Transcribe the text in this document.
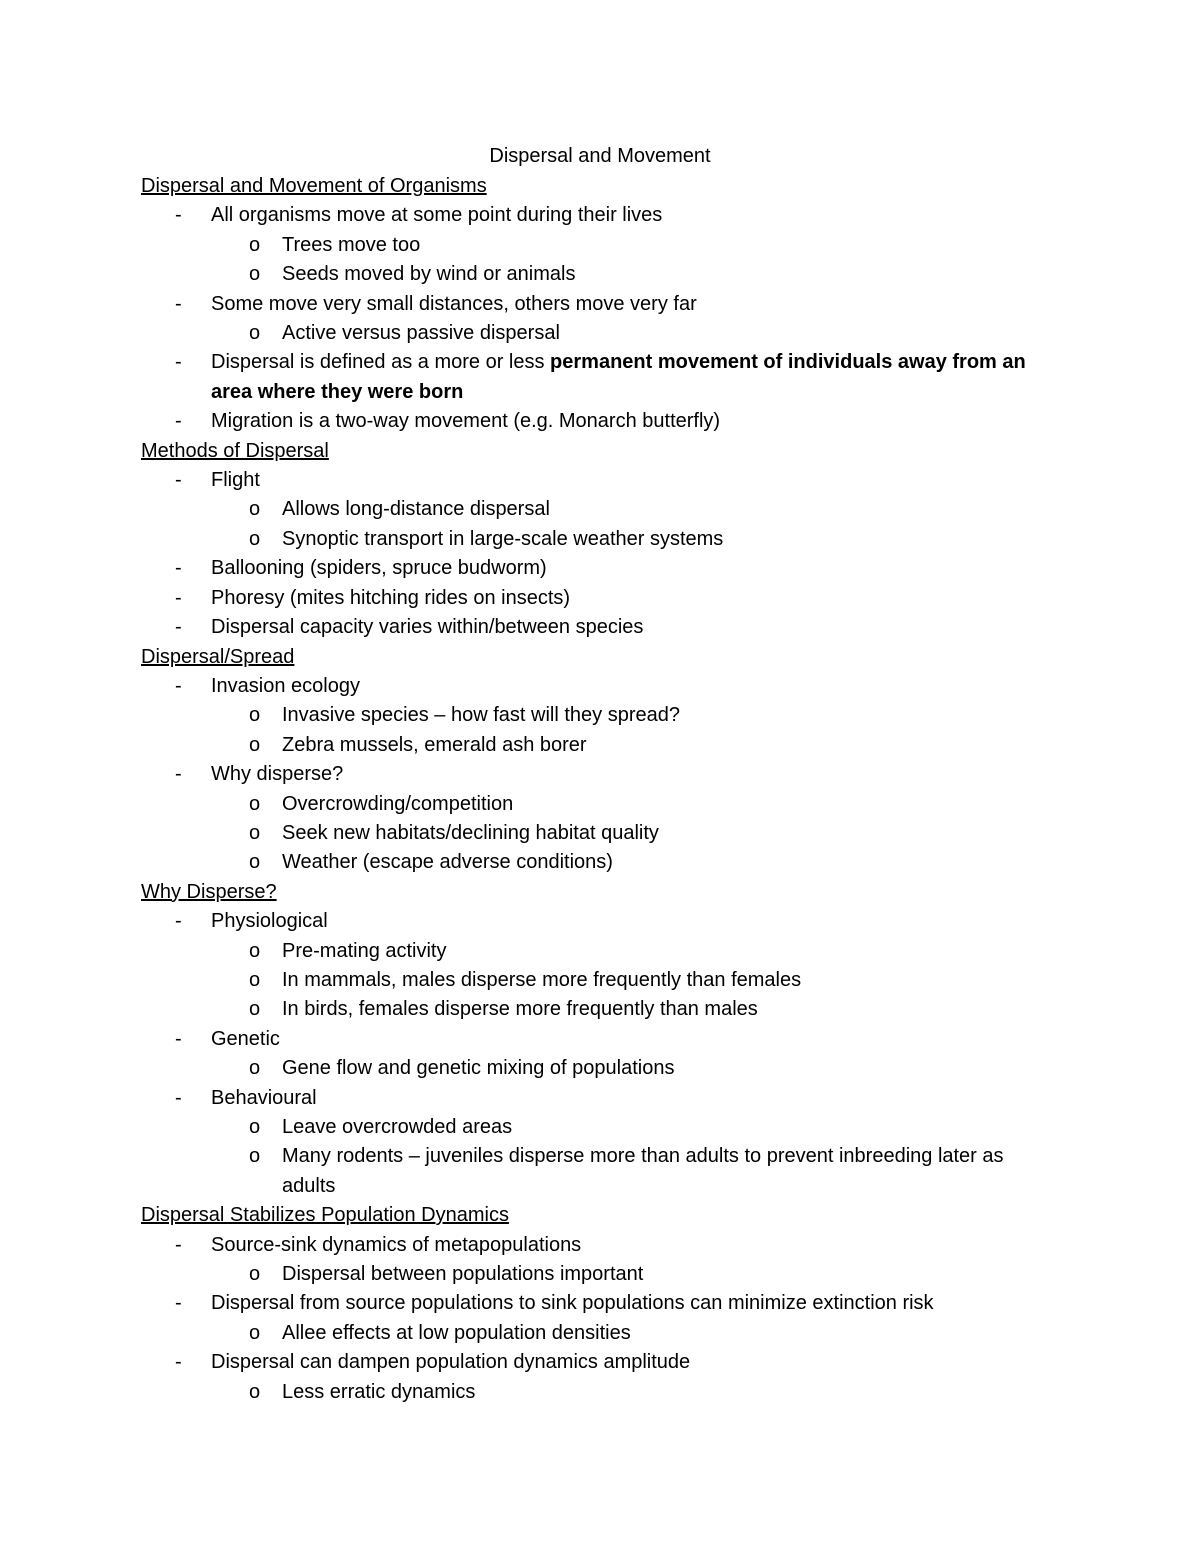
Dispersal and Movement
Dispersal and Movement of Organisms
- All organisms move at some point during their lives
o Trees move too
o Seeds moved by wind or animals
- Some move very small distances, others move very far
o Active versus passive dispersal
- Dispersal is defined as a more or less permanent movement of individuals away from an area where they were born
- Migration is a two-way movement (e.g. Monarch butterfly)
Methods of Dispersal
- Flight
o Allows long-distance dispersal
o Synoptic transport in large-scale weather systems
- Ballooning (spiders, spruce budworm)
- Phoresy (mites hitching rides on insects)
- Dispersal capacity varies within/between species
Dispersal/Spread
- Invasion ecology
o Invasive species – how fast will they spread?
o Zebra mussels, emerald ash borer
- Why disperse?
o Overcrowding/competition
o Seek new habitats/declining habitat quality
o Weather (escape adverse conditions)
Why Disperse?
- Physiological
o Pre-mating activity
o In mammals, males disperse more frequently than females
o In birds, females disperse more frequently than males
- Genetic
o Gene flow and genetic mixing of populations
- Behavioural
o Leave overcrowded areas
o Many rodents – juveniles disperse more than adults to prevent inbreeding later as adults
Dispersal Stabilizes Population Dynamics
- Source-sink dynamics of metapopulations
o Dispersal between populations important
- Dispersal from source populations to sink populations can minimize extinction risk
o Allee effects at low population densities
- Dispersal can dampen population dynamics amplitude
o Less erratic dynamics
